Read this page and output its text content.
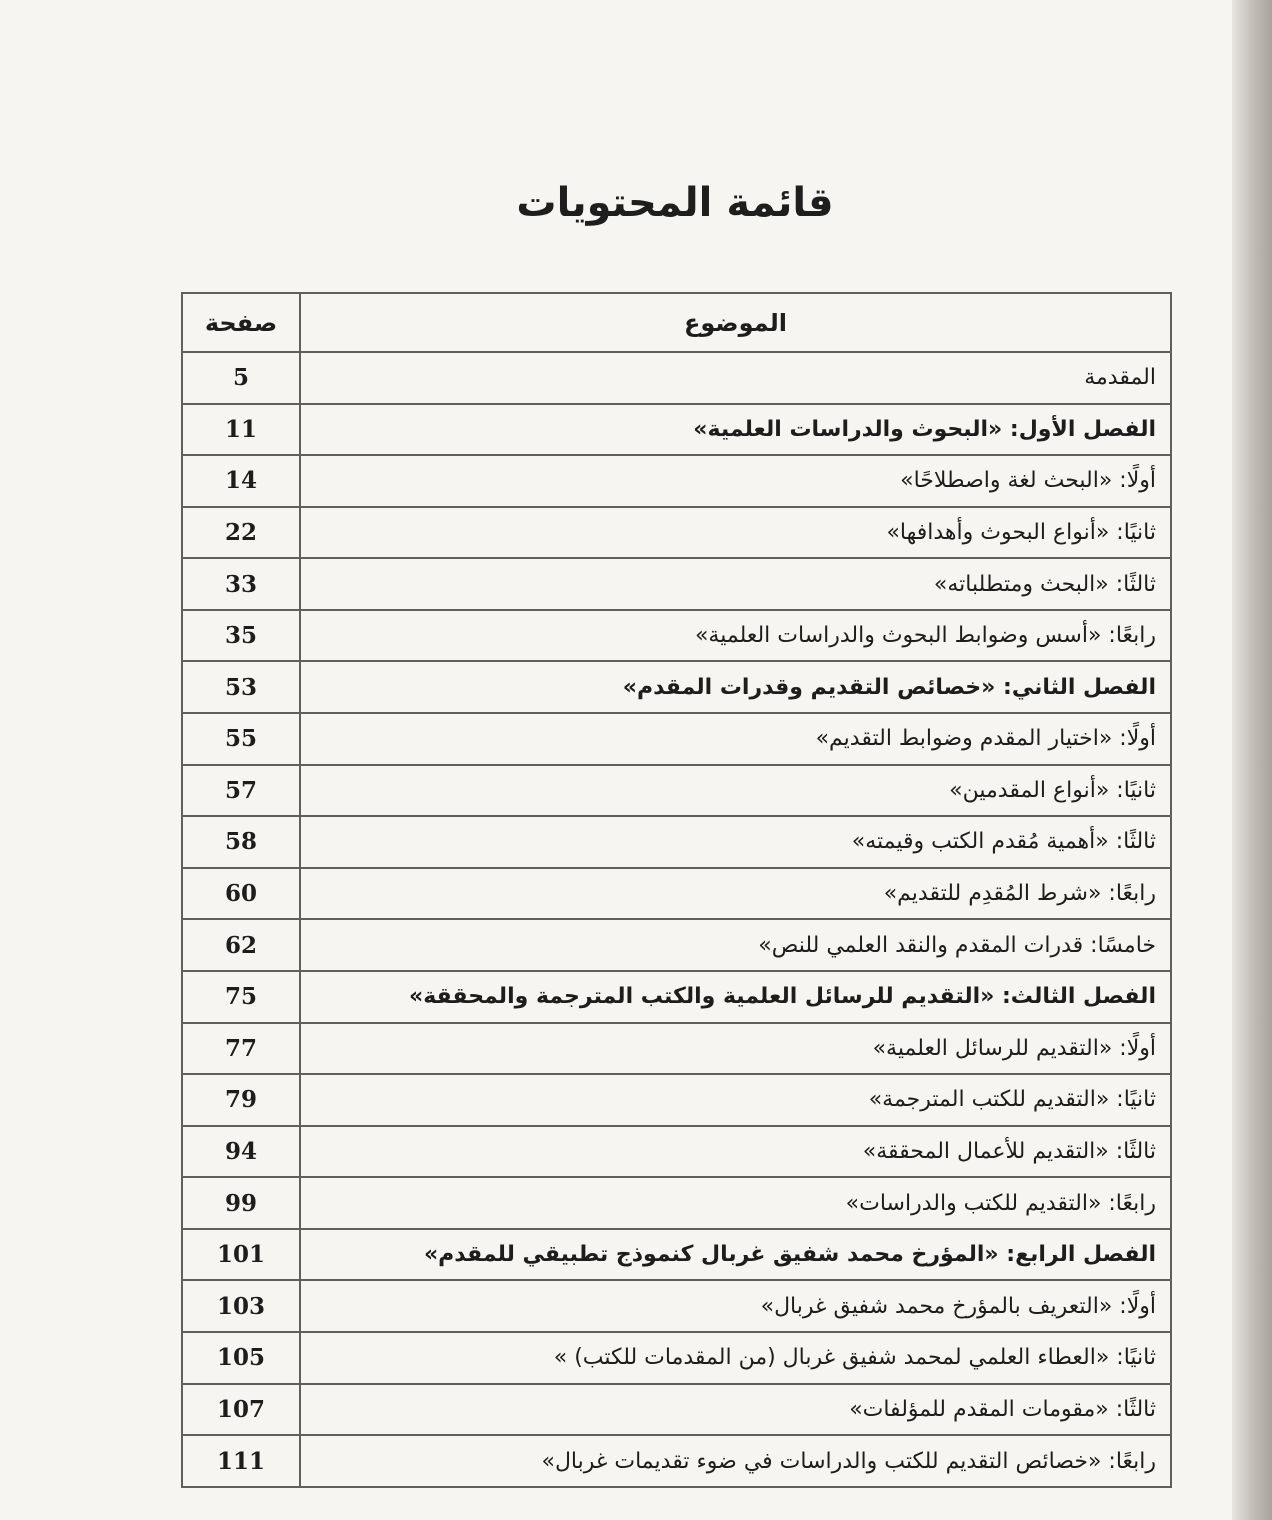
قائمة المحتويات
الموضوع	صفحة
المقدمة	5
الفصل الأول: «البحوث والدراسات العلمية»	11
أولًا: «البحث لغة واصطلاحًا»	14
ثانيًا: «أنواع البحوث وأهدافها»	22
ثالثًا: «البحث ومتطلباته»	33
رابعًا: «أسس وضوابط البحوث والدراسات العلمية»	35
الفصل الثاني: «خصائص التقديم وقدرات المقدم»	53
أولًا: «اختيار المقدم وضوابط التقديم»	55
ثانيًا: «أنواع المقدمين»	57
ثالثًا: «أهمية مُقدم الكتب وقيمته»	58
رابعًا: «شرط المُقدِم للتقديم»	60
خامسًا: قدرات المقدم والنقد العلمي للنص»	62
الفصل الثالث: «التقديم للرسائل العلمية والكتب المترجمة والمحققة»	75
أولًا: «التقديم للرسائل العلمية»	77
ثانيًا: «التقديم للكتب المترجمة»	79
ثالثًا: «التقديم للأعمال المحققة»	94
رابعًا: «التقديم للكتب والدراسات»	99
الفصل الرابع: «المؤرخ محمد شفيق غربال كنموذج تطبيقي للمقدم»	101
أولًا: «التعريف بالمؤرخ محمد شفيق غربال»	103
ثانيًا: «العطاء العلمي لمحمد شفيق غربال (من المقدمات للكتب) »	105
ثالثًا: «مقومات المقدم للمؤلفات»	107
رابعًا: «خصائص التقديم للكتب والدراسات في ضوء تقديمات غربال»	111
